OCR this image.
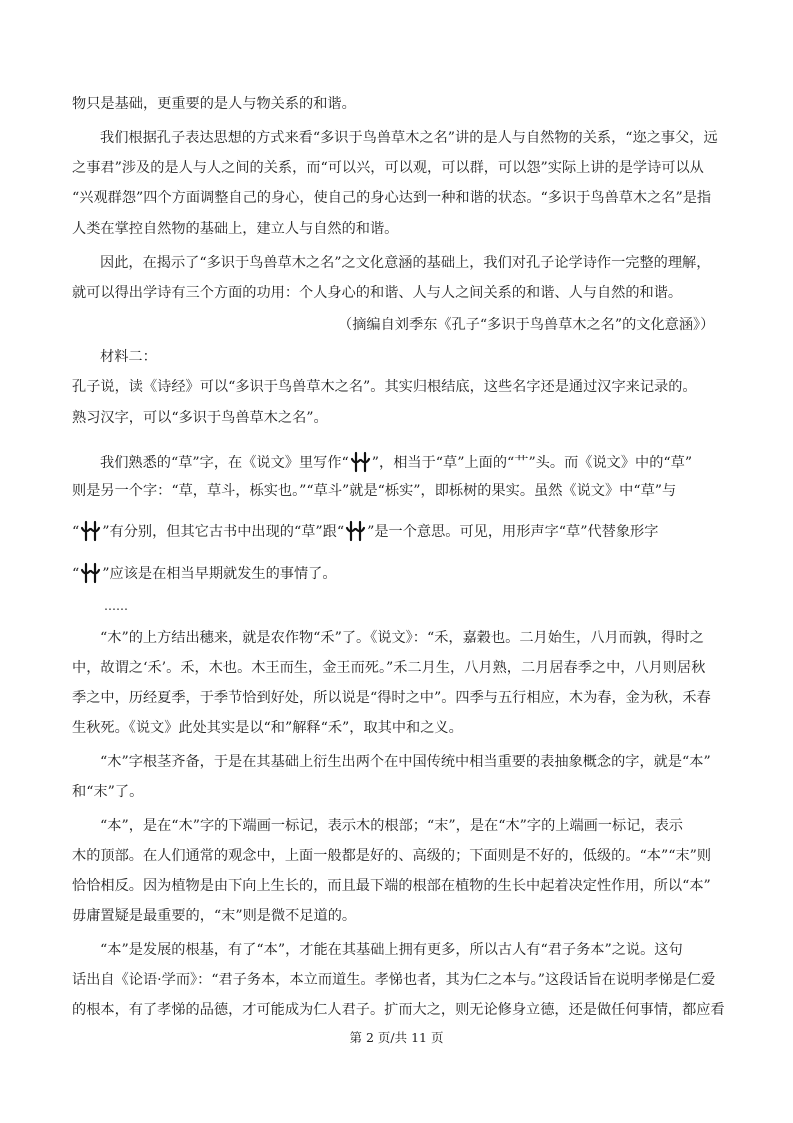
物只是基础，更重要的是人与物关系的和谐。
我们根据孔子表达思想的方式来看“多识于鸟兽草木之名”讲的是人与自然物的关系，“迩之事父，远
之事君”涉及的是人与人之间的关系，而“可以兴，可以观，可以群，可以怨”实际上讲的是学诗可以从
“兴观群怨”四个方面调整自己的身心，使自己的身心达到一种和谐的状态。“多识于鸟兽草木之名”是指
人类在掌控自然物的基础上，建立人与自然的和谐。
因此，在揭示了“多识于鸟兽草木之名”之文化意涵的基础上，我们对孔子论学诗作一完整的理解，
就可以得出学诗有三个方面的功用：个人身心的和谐、人与人之间关系的和谐、人与自然的和谐。
（摘编自刘季东《孔子“多识于鸟兽草木之名”的文化意涵》）
材料二：
孔子说，读《诗经》可以“多识于鸟兽草木之名”。其实归根结底，这些名字还是通过汉字来记录的。
熟习汉字，可以“多识于鸟兽草木之名”。
我们熟悉的“草”字，在《说文》里写作“ ”，相当于“草”上面的“艹”头。而《说文》中的“草”
则是另一个字：“草，草斗，栎实也。”“草斗”就是“栎实”，即栎树的果实。虽然《说文》中“草”与
“ ”有分别，但其它古书中出现的“草”跟“ ”是一个意思。可见，用形声字“草”代替象形字
“ ”应该是在相当早期就发生的事情了。
……
“木”的上方结出穗来，就是农作物“禾”了。《说文》：“禾，嘉穀也。二月始生，八月而孰，得时之
中，故谓之‘禾’。禾，木也。木王而生，金王而死。”禾二月生，八月熟，二月居春季之中，八月则居秋
季之中，历经夏季，于季节恰到好处，所以说是“得时之中”。四季与五行相应，木为春，金为秋，禾春
生秋死。《说文》此处其实是以“和”解释“禾”，取其中和之义。
“木”字根茎齐备，于是在其基础上衍生出两个在中国传统中相当重要的表抽象概念的字，就是“本”
和“末”了。
“本”，是在“木”字的下端画一标记，表示木的根部；“末”，是在“木”字的上端画一标记，表示
木的顶部。在人们通常的观念中，上面一般都是好的、高级的；下面则是不好的，低级的。“本”“末”则
恰恰相反。因为植物是由下向上生长的，而且最下端的根部在植物的生长中起着决定性作用，所以“本”
毋庸置疑是最重要的，“末”则是微不足道的。
“本”是发展的根基，有了“本”，才能在其基础上拥有更多，所以古人有“君子务本”之说。这句
话出自《论语·学而》：“君子务本，本立而道生。孝悌也者，其为仁之本与。”这段话旨在说明孝悌是仁爱
的根本，有了孝悌的品德，才可能成为仁人君子。扩而大之，则无论修身立德，还是做任何事情，都应看
第 2 页/共 11 页
